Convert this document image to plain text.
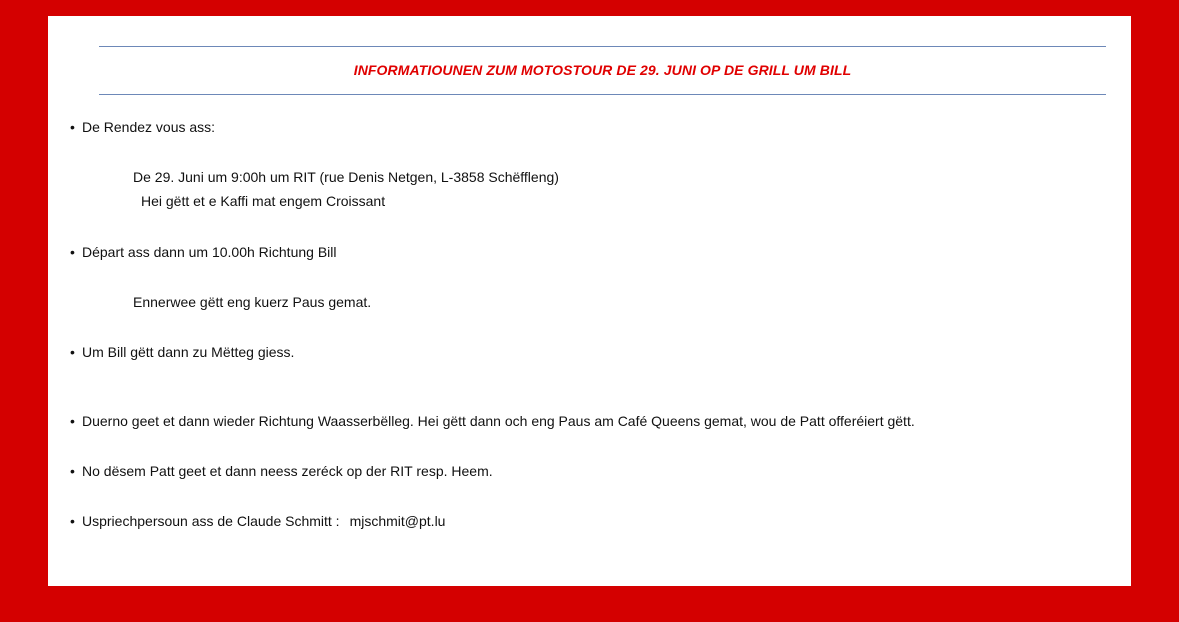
INFORMATIOUNEN ZUM MOTOSTOUR DE 29. JUNI OP DE GRILL UM BILL
• De Rendez vous ass:
De 29. Juni um 9:00h um RIT (rue Denis Netgen, L-3858 Schëffleng)
Hei gëtt et e Kaffi mat engem Croissant
• Départ ass dann um 10.00h Richtung Bill
Ennerwee gëtt eng kuerz Paus gemat.
• Um Bill gëtt dann zu Mëtteg giess.
• Duerno geet et dann wieder Richtung Waasserbëlleg. Hei gëtt dann och eng Paus am Café Queens gemat, wou de Patt offeréiert gëtt.
• No dësem Patt geet et dann neess zeréck op der RIT resp. Heem.
• Uspriechpersoun ass de Claude Schmitt : mjschmit@pt.lu
